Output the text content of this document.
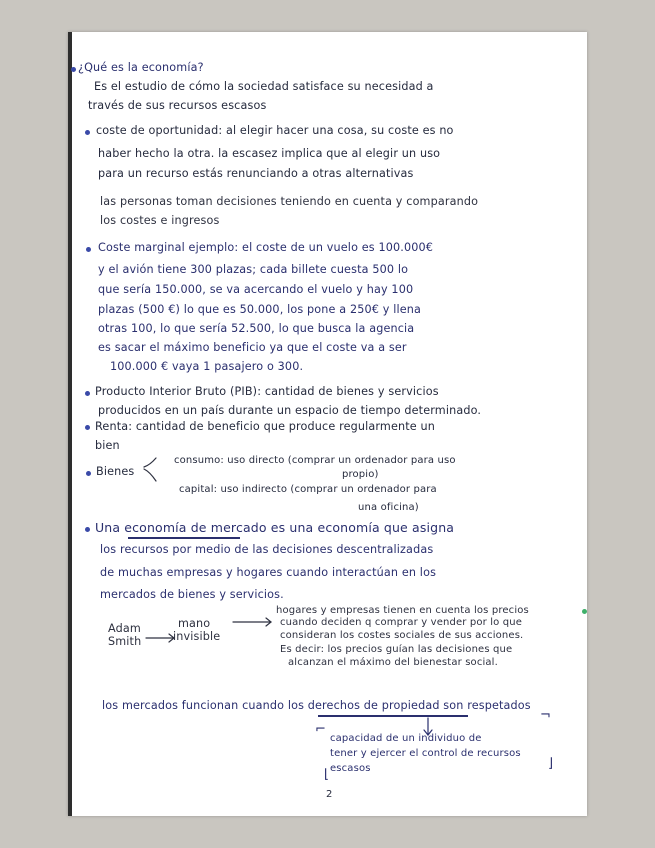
¿Qué es la economía?
Es el estudio de cómo la sociedad satisface su necesidad a
través de sus recursos escasos
coste de oportunidad: al elegir hacer una cosa, su coste es no
haber hecho la otra. la escasez implica que al elegir un uso
para un recurso estás renunciando a otras alternativas
las personas toman decisiones teniendo en cuenta y comparando
los costes e ingresos
Coste marginal ejemplo: el coste de un vuelo es 100.000€
y el avión tiene 300 plazas; cada billete cuesta 500 lo
que sería 150.000, se va acercando el vuelo y hay 100
plazas (500 €) lo que es 50.000, los pone a 250€ y llena
otras 100, lo que sería 52.500, lo que busca la agencia
es sacar el máximo beneficio ya que el coste va a ser
100.000 € vaya 1 pasajero o 300.
Producto Interior Bruto (PIB): cantidad de bienes y servicios
producidos en un país durante un espacio de tiempo determinado.
Renta: cantidad de beneficio que produce regularmente un
bien
Bienes
consumo: uso directo (comprar un ordenador para uso
propio)
capital: uso indirecto (comprar un ordenador para
una oficina)
Una economía de mercado es una economía que asigna
los recursos por medio de las decisiones descentralizadas
de muchas empresas y hogares cuando interactúan en los
mercados de bienes y servicios.
Adam
Smith
mano
invisible
hogares y empresas tienen en cuenta los precios
cuando deciden q comprar y vender por lo que
consideran los costes sociales de sus acciones.
Es decir: los precios guían las decisiones que
alcanzan el máximo del bienestar social.
los mercados funcionan cuando los derechos de propiedad son respetados
capacidad de un individuo de
tener y ejercer el control de recursos
escasos
⌐
¬
⌊
⌋
2
